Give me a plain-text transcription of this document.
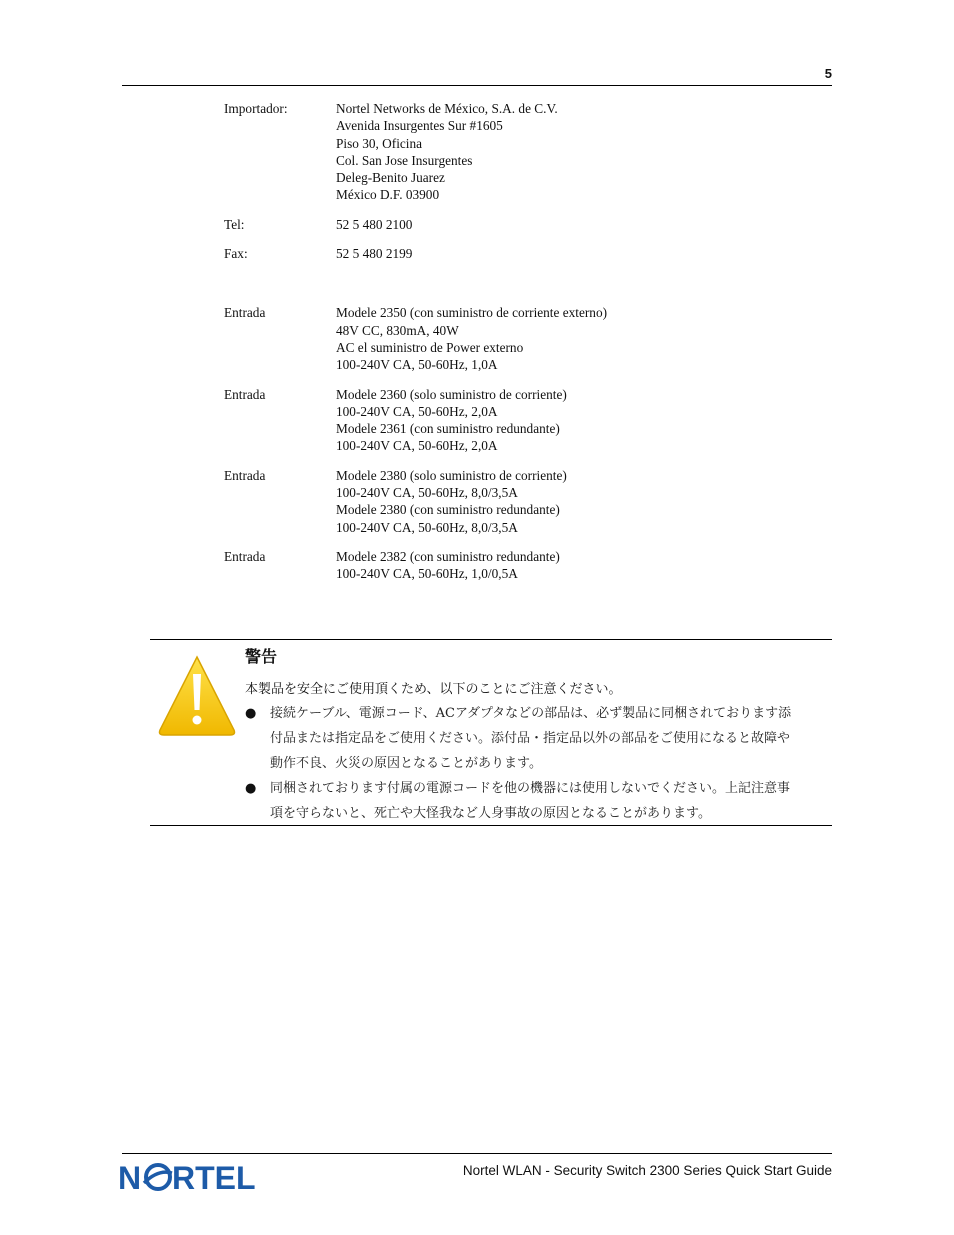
5
Importador:	Nortel Networks de México, S.A. de C.V.
Avenida Insurgentes Sur #1605
Piso 30, Oficina
Col. San Jose Insurgentes
Deleg-Benito Juarez
México D.F. 03900
Tel:	52 5 480 2100
Fax:	52 5 480 2199
Entrada	Modele 2350 (con suministro de corriente externo)
48V CC, 830mA, 40W
AC el suministro de Power externo
100-240V CA, 50-60Hz, 1,0A
Entrada	Modele 2360 (solo suministro de corriente)
100-240V CA, 50-60Hz, 2,0A
Modele 2361 (con suministro redundante)
100-240V CA, 50-60Hz, 2,0A
Entrada	Modele 2380 (solo suministro de corriente)
100-240V CA, 50-60Hz, 8,0/3,5A
Modele 2380 (con suministro redundante)
100-240V CA, 50-60Hz, 8,0/3,5A
Entrada	Modele 2382 (con suministro redundante)
100-240V CA, 50-60Hz, 1,0/0,5A
警告
本製品を安全にご使用頂くため、以下のことにご注意ください。
●	接続ケーブル、電源コード、ACアダプタなどの部品は、必ず製品に同梱されております添
付品または指定品をご使用ください。添付品・指定品以外の部品をご使用になると故障や
動作不良、火災の原因となることがあります。
●	同梱されております付属の電源コードを他の機器には使用しないでください。上記注意事
項を守らないと、死亡や大怪我など人身事故の原因となることがあります。
N RTEL	Nortel WLAN - Security Switch 2300 Series Quick Start Guide
